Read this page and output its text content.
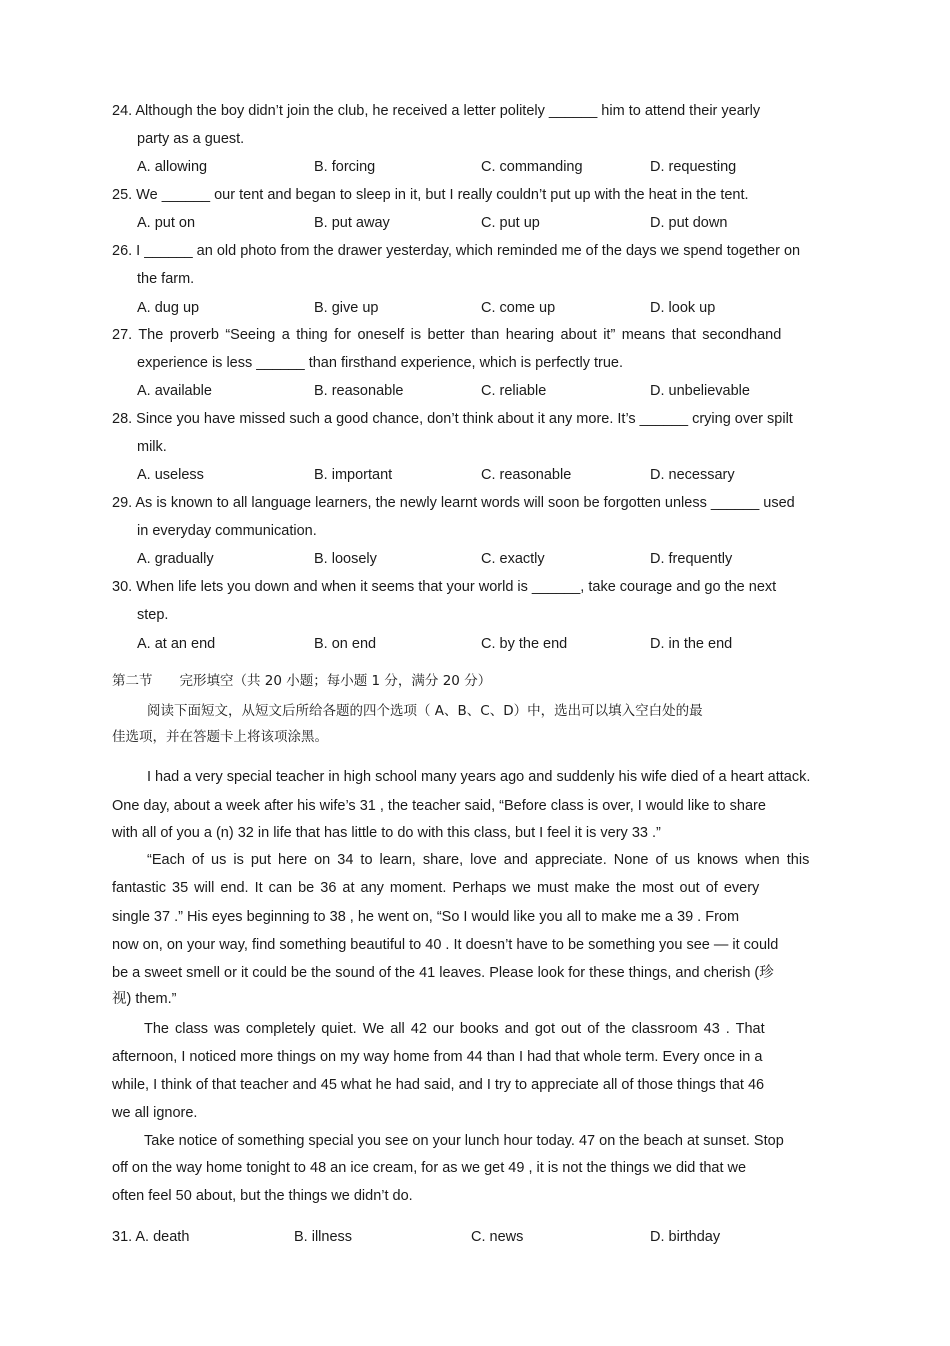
24. Although the boy didn’t join the club, he received a letter politely ______ him to attend their yearly
party as a guest.
A. allowing	B. forcing	C. commanding	D. requesting
25. We ______ our tent and began to sleep in it, but I really couldn’t put up with the heat in the tent.
A. put on	B. put away	C. put up	D. put down
26. I ______ an old photo from the drawer yesterday, which reminded me of the days we spend together on
the farm.
A. dug up	B. give up	C. come up	D. look up
27. The proverb “Seeing a thing for oneself is better than hearing about it” means that secondhand
experience is less ______ than firsthand experience, which is perfectly true.
A. available	B. reasonable	C. reliable	D. unbelievable
28. Since you have missed such a good chance, don’t think about it any more. It’s ______ crying over spilt
milk.
A. useless	B. important	C. reasonable	D. necessary
29. As is known to all language learners, the newly learnt words will soon be forgotten unless ______ used
in everyday communication.
A. gradually	B. loosely	C. exactly	D. frequently
30. When life lets you down and when it seems that your world is ______, take courage and go the next
step.
A. at an end	B. on end	C. by the end	D. in the end
第二节　　完形填空（共 20 小题；每小题 1 分，满分 20 分）
阅读下面短文，从短文后所给各题的四个选项（ A、B、C、D）中，选出可以填入空白处的最
佳选项，并在答题卡上将该项涂黑。
I had a very special teacher in high school many years ago and suddenly his wife died of a heart attack.
One day, about a week after his wife’s 31 , the teacher said, “Before class is over, I would like to share
with all of you a (n) 32 in life that has little to do with this class, but I feel it is very 33 .”
“Each of us is put here on 34 to learn, share, love and appreciate. None of us knows when this
fantastic 35 will end. It can be 36 at any moment. Perhaps we must make the most out of every
single 37 .” His eyes beginning to 38 , he went on, “So I would like you all to make me a 39 . From
now on, on your way, find something beautiful to 40 . It doesn’t have to be something you see — it could
be a sweet smell or it could be the sound of the 41 leaves. Please look for these things, and cherish (珍
视) them.”
The class was completely quiet. We all 42 our books and got out of the classroom 43 . That
afternoon, I noticed more things on my way home from 44 than I had that whole term. Every once in a
while, I think of that teacher and 45 what he had said, and I try to appreciate all of those things that 46
we all ignore.
Take notice of something special you see on your lunch hour today. 47 on the beach at sunset. Stop
off on the way home tonight to 48 an ice cream, for as we get 49 , it is not the things we did that we
often feel 50 about, but the things we didn’t do.
31. A. death	B. illness	C. news	D. birthday
